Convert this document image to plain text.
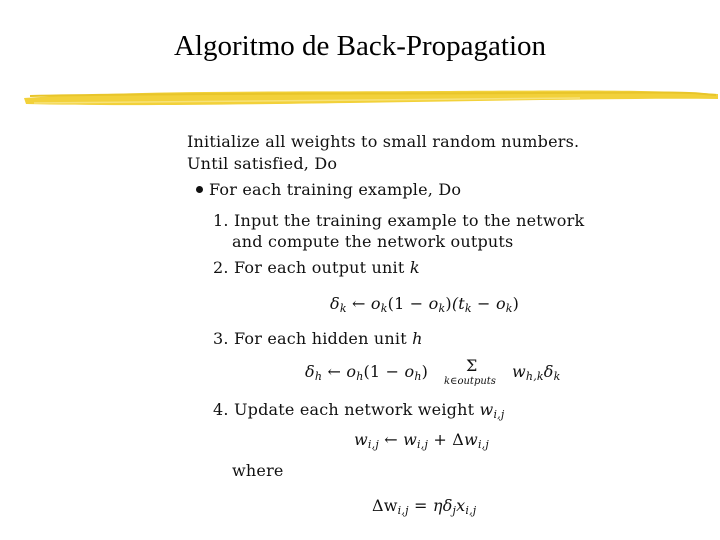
Algoritmo de Back-Propagation
Initialize all weights to small random numbers.
Until satisfied, Do
For each training example, Do
1. Input the training example to the network
and compute the network outputs
2. For each output unit k
$\delta_k$ ← $o_k(1 - o_k)(t_k - o_k)$
3. For each hidden unit h
$\delta_h$ ← $o_h(1 - o_h)$ Σ
k∈outputs
$w_{h,k}\delta_k$
4. Update each network weight $w_{i,j}$
$w_{i,j}$ ← $w_{i,j} + \Delta w_{i,j}$
where
$\Delta w_{i,j} = \eta\delta_jx_{i,j}$
